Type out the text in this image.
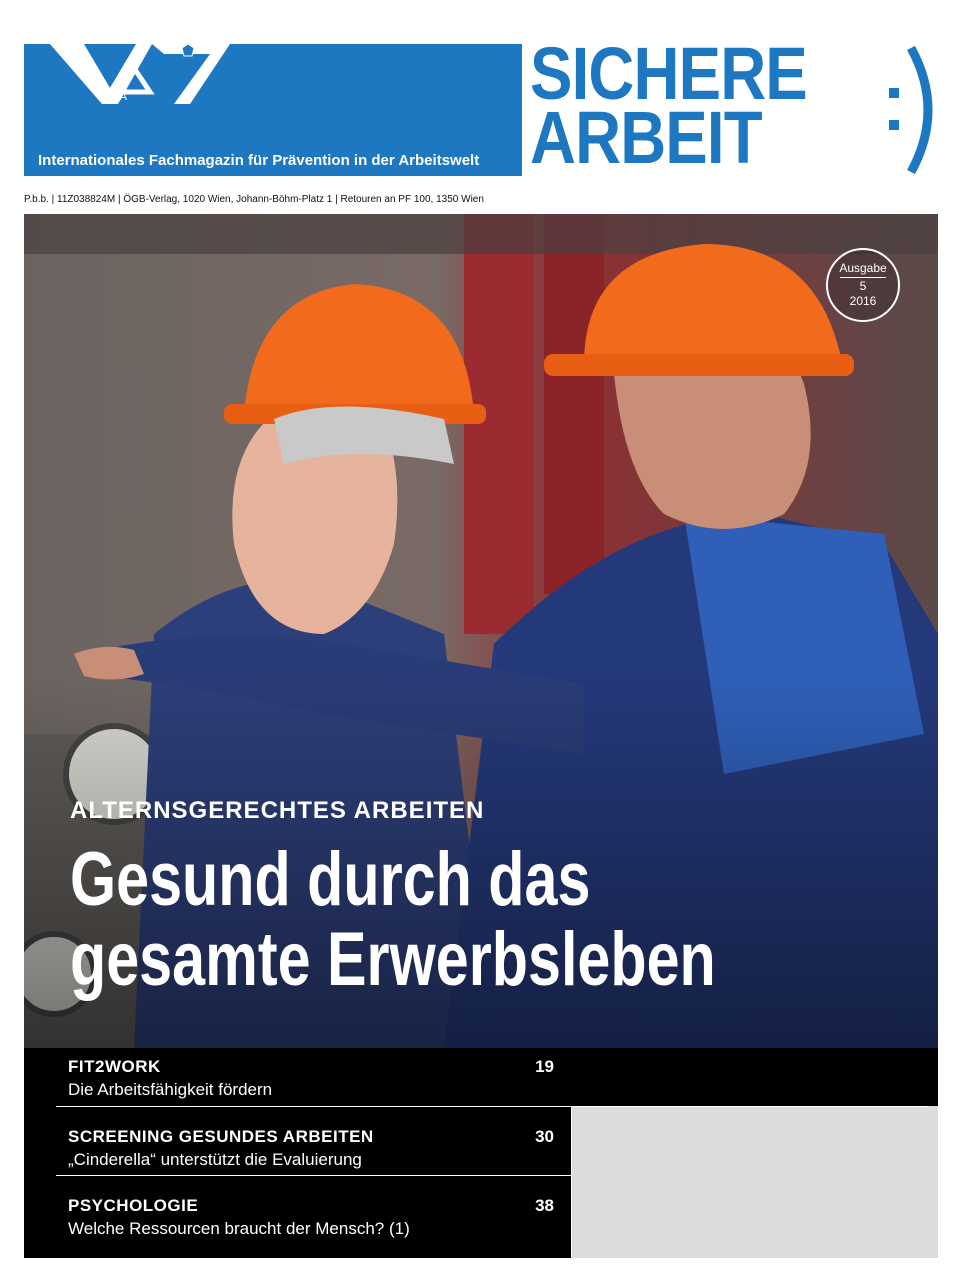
AUVA
Internationales Fachmagazin für Prävention in der Arbeitswelt
SICHERE
ARBEIT
P.b.b. | 11Z038824M | ÖGB-Verlag, 1020 Wien, Johann-Böhm-Platz 1 | Retouren an PF 100, 1350 Wien
Ausgabe
5
2016
ALTERNSGERECHTES ARBEITEN
Gesund durch das
gesamte Erwerbsleben
FIT2WORK
Die Arbeitsfähigkeit fördern
19
SCREENING GESUNDES ARBEITEN
„Cinderella“ unterstützt die Evaluierung
30
PSYCHOLOGIE
Welche Ressourcen braucht der Mensch? (1)
38
